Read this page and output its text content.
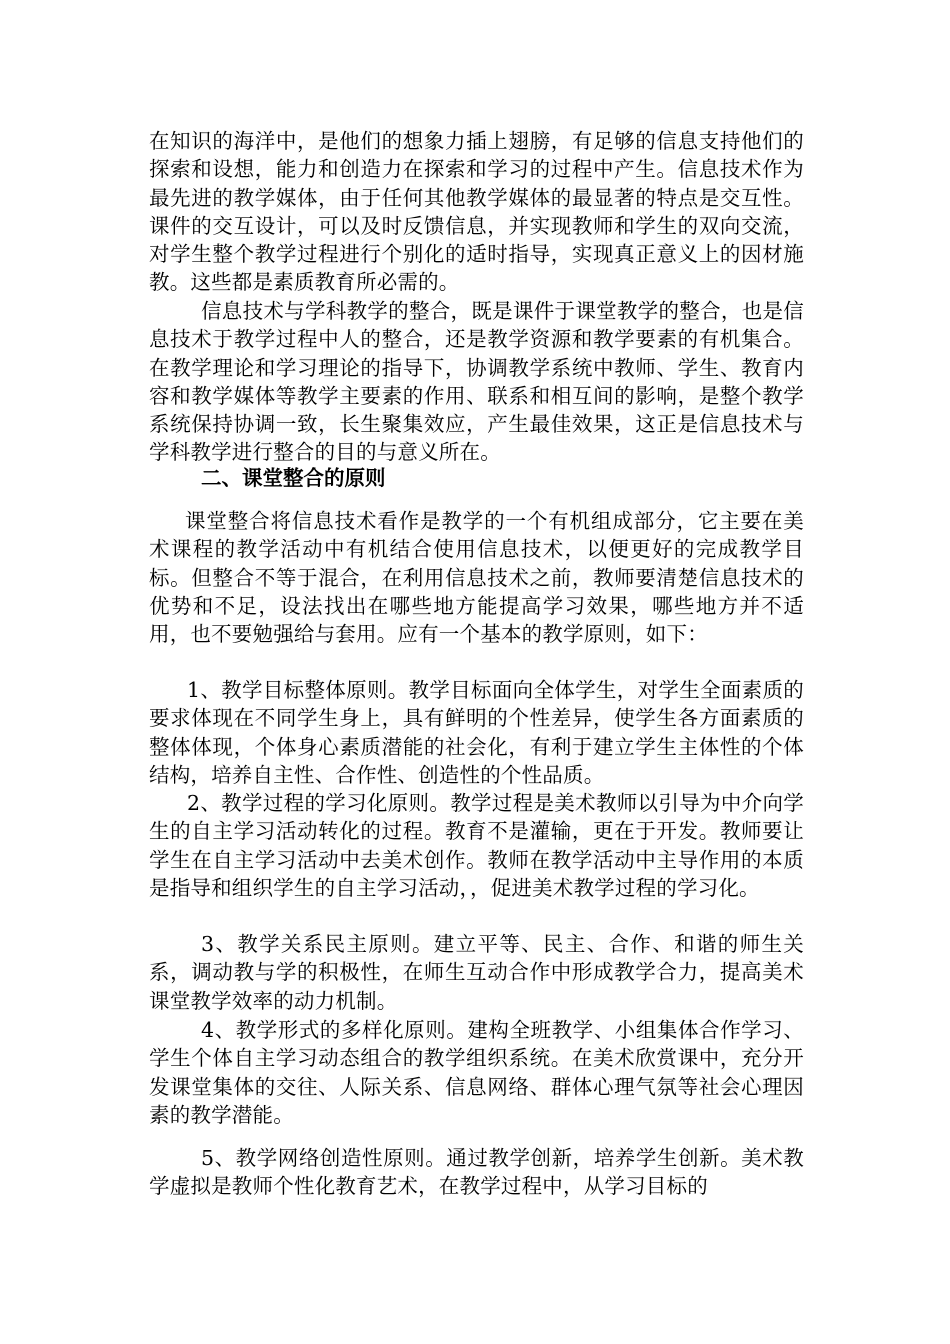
在知识的海洋中，是他们的想象力插上翅膀，有足够的信息支持他们的探索和设想，能力和创造力在探索和学习的过程中产生。信息技术作为最先进的教学媒体，由于任何其他教学媒体的最显著的特点是交互性。课件的交互设计，可以及时反馈信息，并实现教师和学生的双向交流，对学生整个教学过程进行个别化的适时指导，实现真正意义上的因材施教。这些都是素质教育所必需的。
信息技术与学科教学的整合，既是课件于课堂教学的整合，也是信息技术于教学过程中人的整合，还是教学资源和教学要素的有机集合。在教学理论和学习理论的指导下，协调教学系统中教师、学生、教育内容和教学媒体等教学主要素的作用、联系和相互间的影响，是整个教学系统保持协调一致，长生聚集效应，产生最佳效果，这正是信息技术与学科教学进行整合的目的与意义所在。
二、课堂整合的原则
课堂整合将信息技术看作是教学的一个有机组成部分，它主要在美术课程的教学活动中有机结合使用信息技术，以便更好的完成教学目标。但整合不等于混合，在利用信息技术之前，教师要清楚信息技术的优势和不足，设法找出在哪些地方能提高学习效果，哪些地方并不适用，也不要勉强给与套用。应有一个基本的教学原则，如下：
1、教学目标整体原则。教学目标面向全体学生，对学生全面素质的要求体现在不同学生身上，具有鲜明的个性差异，使学生各方面素质的整体体现，个体身心素质潜能的社会化，有利于建立学生主体性的个体结构，培养自主性、合作性、创造性的个性品质。
2、教学过程的学习化原则。教学过程是美术教师以引导为中介向学生的自主学习活动转化的过程。教育不是灌输，更在于开发。教师要让学生在自主学习活动中去美术创作。教师在教学活动中主导作用的本质是指导和组织学生的自主学习活动，，促进美术教学过程的学习化。
3、教学关系民主原则。建立平等、民主、合作、和谐的师生关系，调动教与学的积极性，在师生互动合作中形成教学合力，提高美术课堂教学效率的动力机制。
4、教学形式的多样化原则。建构全班教学、小组集体合作学习、学生个体自主学习动态组合的教学组织系统。在美术欣赏课中，充分开发课堂集体的交往、人际关系、信息网络、群体心理气氛等社会心理因素的教学潜能。
5、教学网络创造性原则。通过教学创新，培养学生创新。美术教学虚拟是教师个性化教育艺术，在教学过程中，从学习目标的
